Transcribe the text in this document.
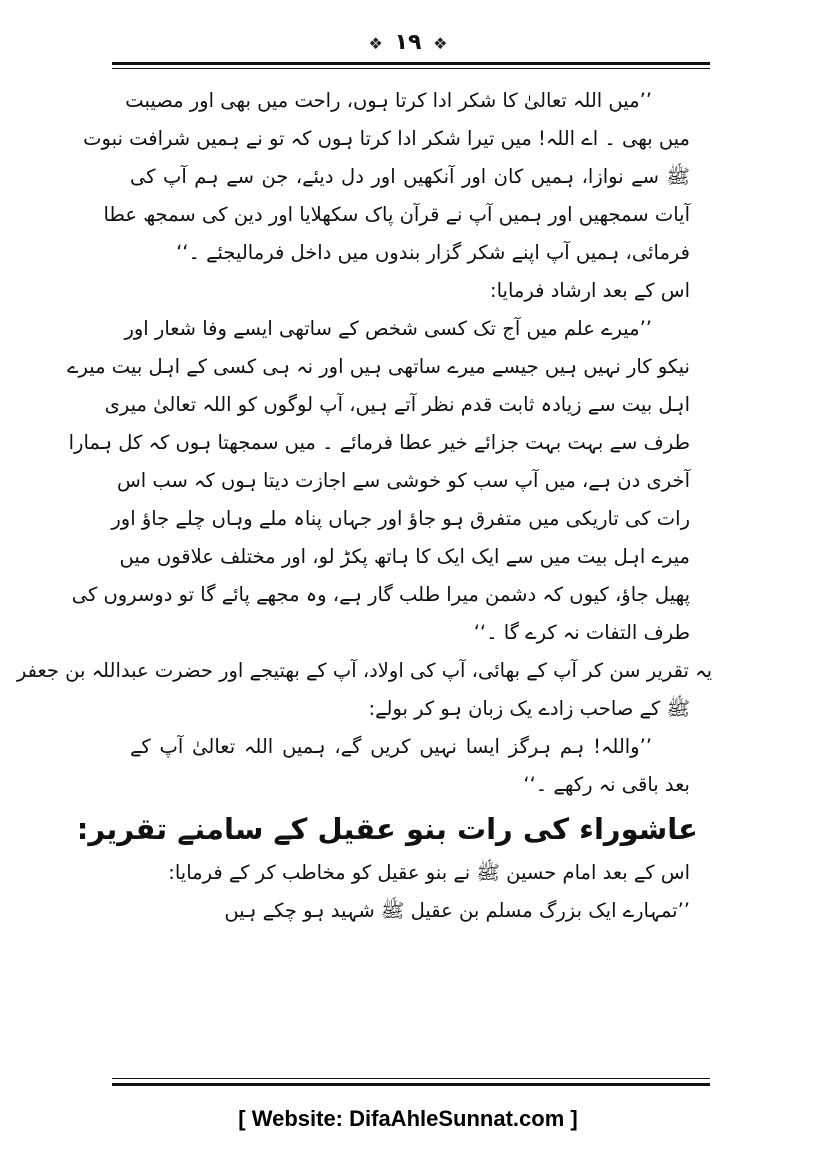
❖ ١٩ ❖
’’میں اللہ تعالیٰ کا شکر ادا کرتا ہوں، راحت میں بھی اور مصیبت
میں بھی ۔ اے اللہ! میں تیرا شکر ادا کرتا ہوں کہ تو نے ہمیں شرافت نبوت
ﷺ سے نوازا، ہمیں کان اور آنکھیں اور دل دیئے، جن سے ہم آپ کی
آیات سمجھیں اور ہمیں آپ نے قرآن پاک سکھلایا اور دین کی سمجھ عطا
فرمائی، ہمیں آپ اپنے شکر گزار بندوں میں داخل فرمالیجئے ۔‘‘
اس کے بعد ارشاد فرمایا:
’’میرے علم میں آج تک کسی شخص کے ساتھی ایسے وفا شعار اور
نیکو کار نہیں ہیں جیسے میرے ساتھی ہیں اور نہ ہی کسی کے اہل بیت میرے
اہل بیت سے زیادہ ثابت قدم نظر آتے ہیں، آپ لوگوں کو اللہ تعالیٰ میری
طرف سے بہت بہت جزائے خیر عطا فرمائے ۔ میں سمجھتا ہوں کہ کل ہمارا
آخری دن ہے، میں آپ سب کو خوشی سے اجازت دیتا ہوں کہ سب اس
رات کی تاریکی میں متفرق ہو جاؤ اور جہاں پناہ ملے وہاں چلے جاؤ اور
میرے اہل بیت میں سے ایک ایک کا ہاتھ پکڑ لو، اور مختلف علاقوں میں
پھیل جاؤ، کیوں کہ دشمن میرا طلب گار ہے، وہ مجھے پائے گا تو دوسروں کی
طرف التفات نہ کرے گا ۔‘‘
یہ تقریر سن کر آپ کے بھائی، آپ کی اولاد، آپ کے بھتیجے اور حضرت عبداللہ بن جعفر
ﷺ کے صاحب زادے یک زبان ہو کر بولے:
’’واللہ! ہم ہرگز ایسا نہیں کریں گے، ہمیں اللہ تعالیٰ آپ کے
بعد باقی نہ رکھے ۔‘‘
عاشوراء کی رات بنو عقیل کے سامنے تقریر:
اس کے بعد امام حسین ﷺ نے بنو عقیل کو مخاطب کر کے فرمایا:
’’تمہارے ایک بزرگ مسلم بن عقیل ﷺ شہید ہو چکے ہیں
[ Website: DifaAhleSunnat.com ]
